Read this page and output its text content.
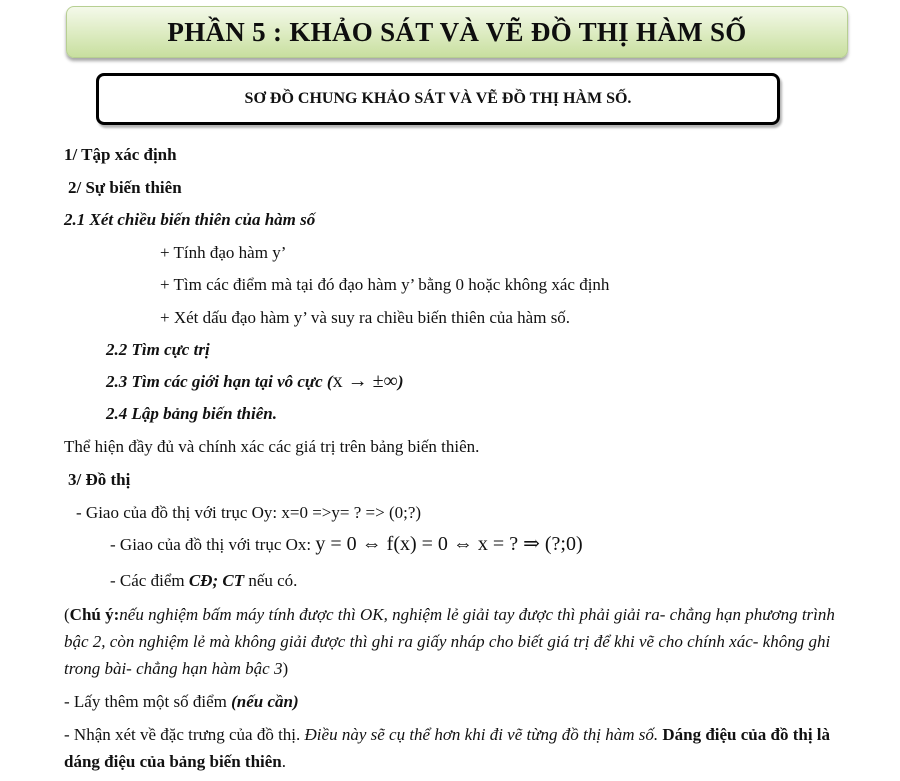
PHẦN 5 : KHẢO SÁT VÀ VẼ ĐỒ THỊ HÀM SỐ
SƠ ĐỒ CHUNG KHẢO SÁT VÀ VẼ ĐỒ THỊ HÀM SỐ.
1/ Tập xác định
2/ Sự biến thiên
2.1 Xét chiều biến thiên của hàm số
+ Tính đạo hàm y’
+ Tìm các điểm mà tại đó đạo hàm y’ bằng 0 hoặc không xác định
+ Xét dấu đạo hàm y’ và suy ra chiều biến thiên của hàm số.
2.2 Tìm cực trị
2.3 Tìm các giới hạn tại vô cực (x → ±∞)
2.4 Lập bảng biến thiên.
Thể hiện đầy đủ và chính xác các giá trị trên bảng biến thiên.
3/ Đồ thị
- Giao của đồ thị với trục Oy: x=0 =>y= ? => (0;?)
- Giao của đồ thị với trục Ox: y = 0 ⇔ f(x) = 0 ⇔ x = ? ⇒ (?;0)
- Các điểm CĐ; CT nếu có.
(Chú ý:nếu nghiệm bấm máy tính được thì OK, nghiệm lẻ giải tay được thì phải giải ra- chẳng hạn phương trình bậc 2, còn nghiệm lẻ mà không giải được thì ghi ra giấy nháp cho biết giá trị để khi vẽ cho chính xác- không ghi trong bài- chẳng hạn hàm bậc 3)
- Lấy thêm một số điểm (nếu cần)
- Nhận xét về đặc trưng của đồ thị. Điều này sẽ cụ thể hơn khi đi vẽ từng đồ thị hàm số. Dáng điệu của đồ thị là dáng điệu của bảng biến thiên.
